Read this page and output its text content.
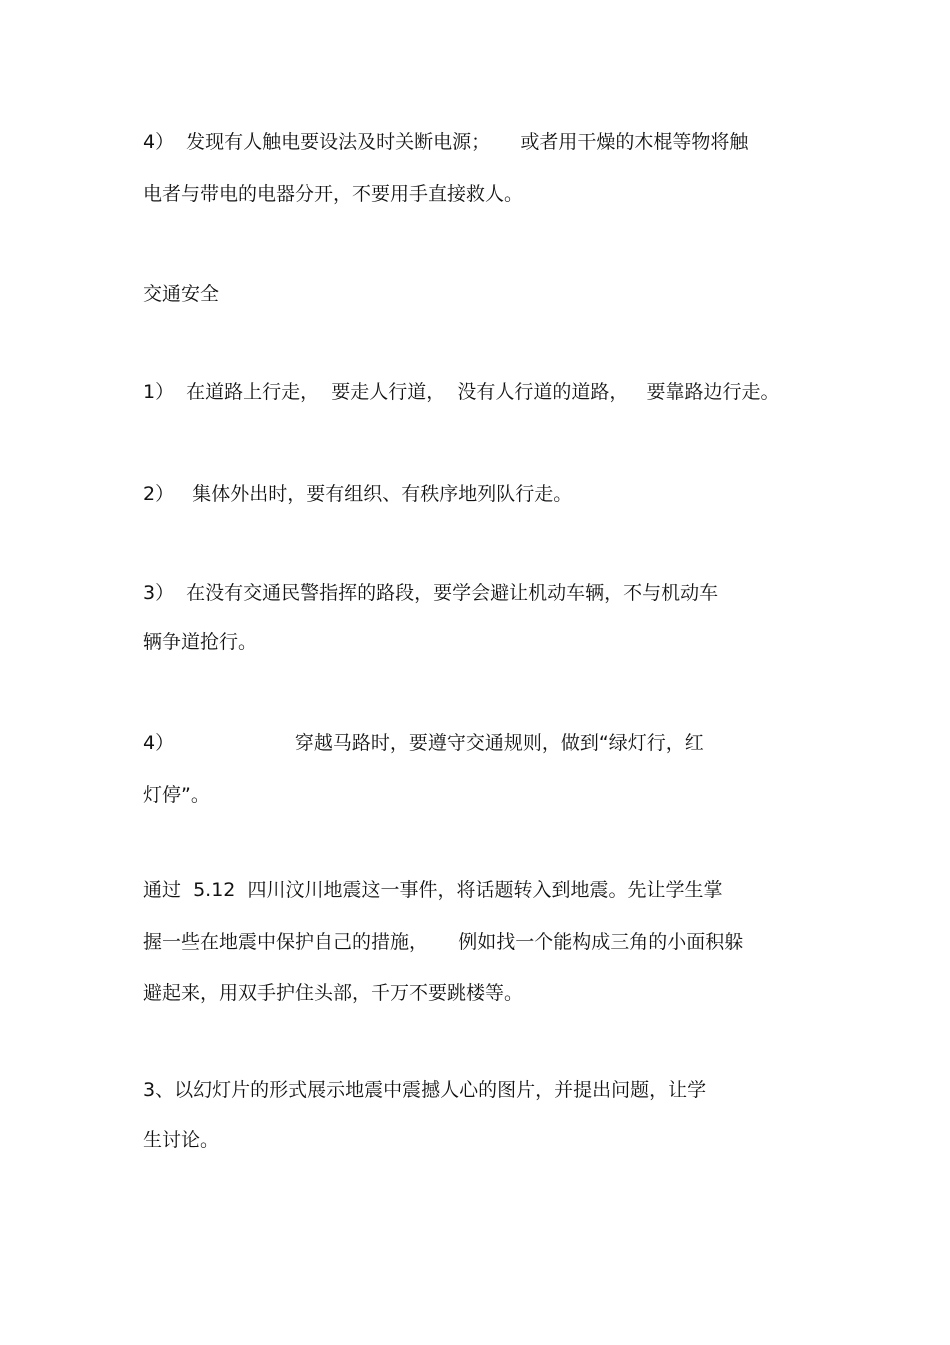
4）  发现有人触电要设法及时关断电源；     或者用干燥的木棍等物将触

电者与带电的电器分开，不要用手直接救人。

交通安全

1）  在道路上行走，  要走人行道，  没有人行道的道路，   要靠路边行走。

2）   集体外出时，要有组织、有秩序地列队行走。

3）  在没有交通民警指挥的路段，要学会避让机动车辆，不与机动车

辆争道抢行。

4）                    穿越马路时，要遵守交通规则，做到“绿灯行，红

灯停”。

通过  5.12  四川汶川地震这一事件，将话题转入到地震。先让学生掌

握一些在地震中保护自己的措施，     例如找一个能构成三角的小面积躲

避起来，用双手护住头部，千万不要跳楼等。

3、以幻灯片的形式展示地震中震撼人心的图片，并提出问题，让学

生讨论。
